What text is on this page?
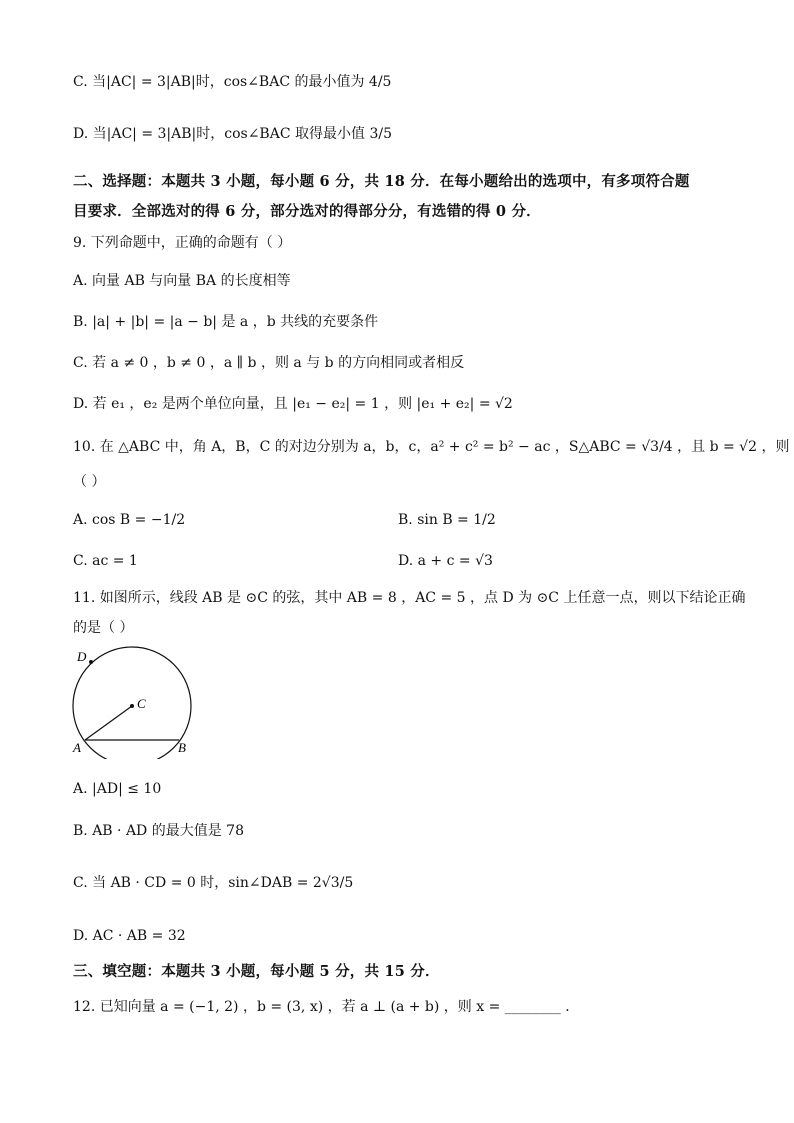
C. 当|AC| = 3|AB|时，cos∠BAC 的最小值为 4/5
D. 当|AC| = 3|AB|时，cos∠BAC 取得最小值 3/5
二、选择题：本题共 3 小题，每小题 6 分，共 18 分．在每小题给出的选项中，有多项符合题
目要求．全部选对的得 6 分，部分选对的得部分分，有选错的得 0 分．
9. 下列命题中，正确的命题有（ ）
A. 向量 AB 与向量 BA 的长度相等
B. |a| + |b| = |a − b| 是 a ，b 共线的充要条件
C. 若 a ≠ 0 ，b ≠ 0 ，a ∥ b ，则 a 与 b 的方向相同或者相反
D. 若 e₁ ，e₂ 是两个单位向量，且 |e₁ − e₂| = 1 ，则 |e₁ + e₂| = √2
10. 在 △ABC 中，角 A，B，C 的对边分别为 a，b，c，a² + c² = b² − ac ，S△ABC = √3/4 ，且 b = √2 ，则
（ ）
A. cos B = −1/2	B. sin B = 1/2
C. ac = 1	D. a + c = √3
11. 如图所示，线段 AB 是 ⊙C 的弦，其中 AB = 8 ，AC = 5 ，点 D 为 ⊙C 上任意一点，则以下结论正确
的是（ ）
D
C
A	B
A. |AD| ≤ 10
B. AB · AD 的最大值是 78
C. 当 AB · CD = 0 时，sin∠DAB = 2√3/5
D. AC · AB = 32
三、填空题：本题共 3 小题，每小题 5 分，共 15 分．
12. 已知向量 a = (−1, 2) ，b = (3, x) ，若 a ⊥ (a + b) ，则 x = ________ ．
